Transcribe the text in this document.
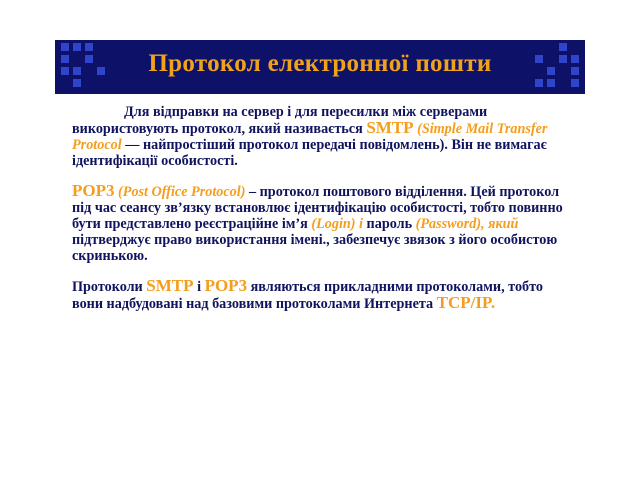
Протокол електронної пошти

Для відправки на сервер і для пересилки між серверами використовують протокол, який називається SMTP (Simple Mail Transfer Protocol — найпростіший протокол передачі повідомлень). Він не вимагає ідентифікації особистості.

POP3 (Post Office Protocol) – протокол поштового відділення. Цей протокол під час сеансу зв’язку встановлює ідентифікацію особистості, тобто повинно бути представлено реєстраційне ім’я (Login) і пароль (Password), який підтверджує право використання імені., забезпечує звязок з його особистою скринькою.

Протоколи SMTP і POP3 являються прикладними протоколами, тобто вони надбудовані над базовими протоколами Интернета TCP/IP.
